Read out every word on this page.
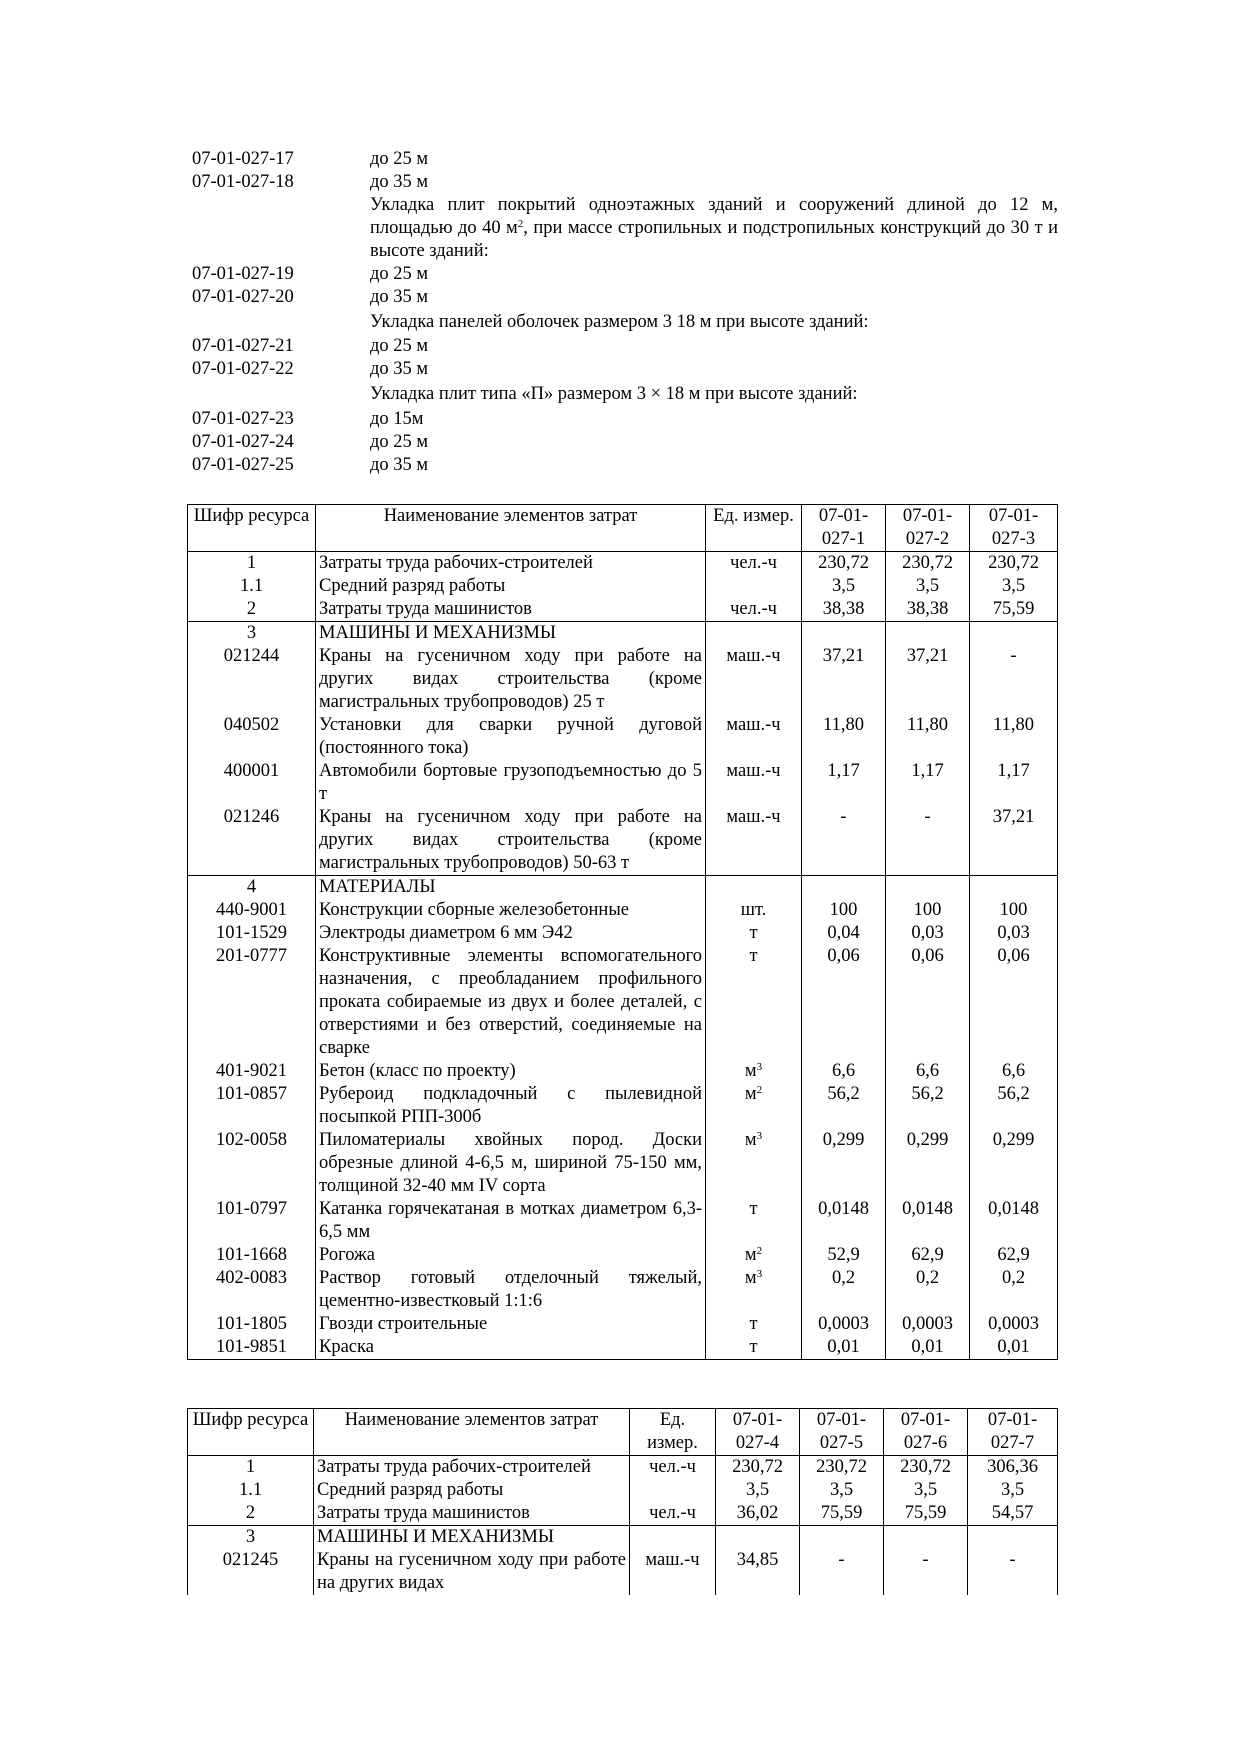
07-01-027-17	до 25 м
07-01-027-18	до 35 м
Укладка плит покрытий одноэтажных зданий и сооружений длиной до 12 м, площадью до 40 $м^2$, при массе стропильных и подстропильных конструкций до 30 т и высоте зданий:
07-01-027-19	до 25 м
07-01-027-20	до 35 м
Укладка панелей оболочек размером 3 18 м при высоте зданий:
07-01-027-21	до 25 м
07-01-027-22	до 35 м
Укладка плит типа «П» размером 3 × 18 м при высоте зданий:
07-01-027-23	до 15м
07-01-027-24	до 25 м
07-01-027-25	до 35 м
Шифр ресурса	Наименование элементов затрат	Ед. измер.	07-01-027-1	07-01-027-2	07-01-027-3
1	Затраты труда рабочих-строителей	чел.-ч	230,72	230,72	230,72
1.1	Средний разряд работы		3,5	3,5	3,5
2	Затраты труда машинистов	чел.-ч	38,38	38,38	75,59
3	МАШИНЫ И МЕХАНИЗМЫ				
021244	Краны на гусеничном ходу при работе на других видах строительства (кроме магистральных трубопроводов) 25 т	маш.-ч	37,21	37,21	-
040502	Установки для сварки ручной дуговой (постоянного тока)	маш.-ч	11,80	11,80	11,80
400001	Автомобили бортовые грузоподъемностью до 5 т	маш.-ч	1,17	1,17	1,17
021246	Краны на гусеничном ходу при работе на других видах строительства (кроме магистральных трубопроводов) 50-63 т	маш.-ч	-	-	37,21
4	МАТЕРИАЛЫ				
440-9001	Конструкции сборные железобетонные	шт.	100	100	100
101-1529	Электроды диаметром 6 мм Э42	т	0,04	0,03	0,03
201-0777	Конструктивные элементы вспомогательного назначения, с преобладанием профильного проката собираемые из двух и более деталей, с отверстиями и без отверстий, соединяемые на сварке	т	0,06	0,06	0,06
401-9021	Бетон (класс по проекту)	$м^3$	6,6	6,6	6,6
101-0857	Рубероид подкладочный с пылевидной посыпкой РПП-300б	$м^2$	56,2	56,2	56,2
102-0058	Пиломатериалы хвойных пород. Доски обрезные длиной 4-6,5 м, шириной 75-150 мм, толщиной 32-40 мм IV сорта	$м^3$	0,299	0,299	0,299
101-0797	Катанка горячекатаная в мотках диаметром 6,3-6,5 мм	т	0,0148	0,0148	0,0148
101-1668	Рогожа	$м^2$	52,9	62,9	62,9
402-0083	Раствор готовый отделочный тяжелый, цементно-известковый 1:1:6	$м^3$	0,2	0,2	0,2
101-1805	Гвозди строительные	т	0,0003	0,0003	0,0003
101-9851	Краска	т	0,01	0,01	0,01
Шифр ресурса	Наименование элементов затрат	Ед. измер.	07-01-027-4	07-01-027-5	07-01-027-6	07-01-027-7
1	Затраты труда рабочих-строителей	чел.-ч	230,72	230,72	230,72	306,36
1.1	Средний разряд работы		3,5	3,5	3,5	3,5
2	Затраты труда машинистов	чел.-ч	36,02	75,59	75,59	54,57
3	МАШИНЫ И МЕХАНИЗМЫ					
021245	Краны на гусеничном ходу при работе на других видах	маш.-ч	34,85	-	-	-
